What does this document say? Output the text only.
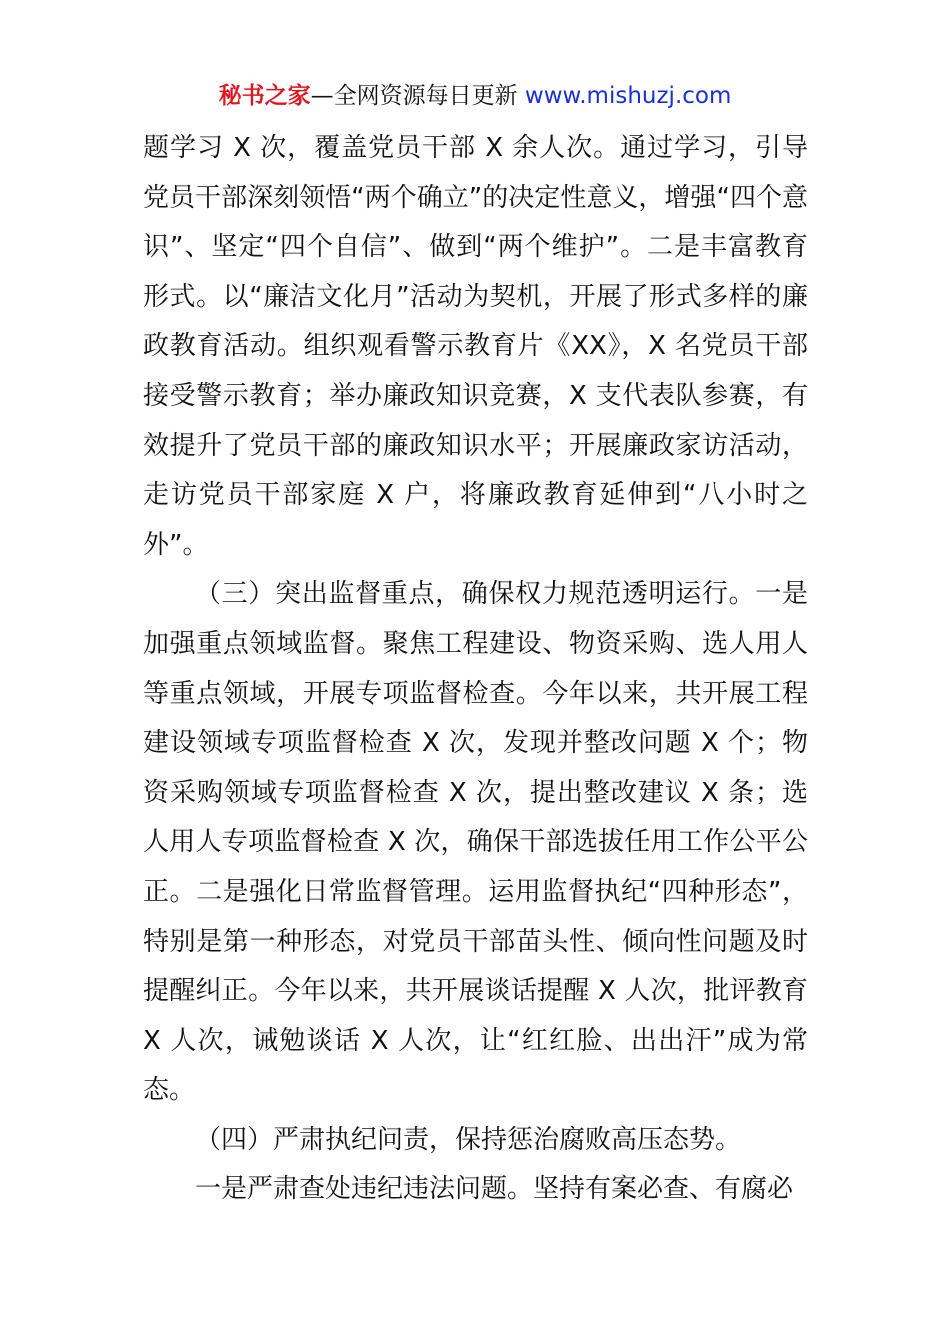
秘书之家—全网资源每日更新 www.mishuzj.com

题学习 X 次，覆盖党员干部 X 余人次。通过学习，引导党员干部深刻领悟“两个确立”的决定性意义，增强“四个意识”、坚定“四个自信”、做到“两个维护”。二是丰富教育形式。以“廉洁文化月”活动为契机，开展了形式多样的廉政教育活动。组织观看警示教育片《XX》，X 名党员干部接受警示教育；举办廉政知识竞赛，X 支代表队参赛，有效提升了党员干部的廉政知识水平；开展廉政家访活动，走访党员干部家庭 X 户，将廉政教育延伸到“八小时之外”。

（三）突出监督重点，确保权力规范透明运行。一是加强重点领域监督。聚焦工程建设、物资采购、选人用人等重点领域，开展专项监督检查。今年以来，共开展工程建设领域专项监督检查 X 次，发现并整改问题 X 个；物资采购领域专项监督检查 X 次，提出整改建议 X 条；选人用人专项监督检查 X 次，确保干部选拔任用工作公平公正。二是强化日常监督管理。运用监督执纪“四种形态”，特别是第一种形态，对党员干部苗头性、倾向性问题及时提醒纠正。今年以来，共开展谈话提醒 X 人次，批评教育 X 人次，诫勉谈话 X 人次，让“红红脸、出出汗”成为常态。

（四）严肃执纪问责，保持惩治腐败高压态势。

一是严肃查处违纪违法问题。坚持有案必查、有腐必
